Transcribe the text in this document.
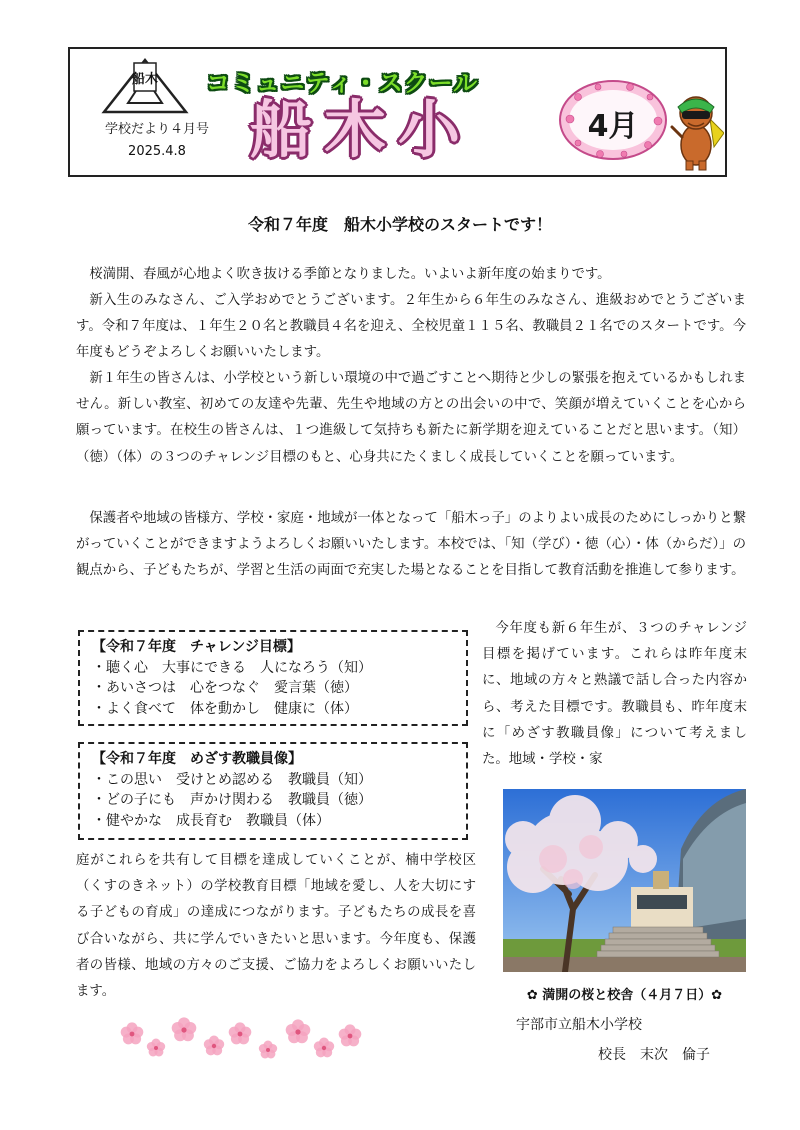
船木
学校だより４月号
2025.4.8
コミュニティ・スクール
船木小	4月
令和７年度　船木小学校のスタートです！

桜満開、春風が心地よく吹き抜ける季節となりました。いよいよ新年度の始まりです。

新入生のみなさん、ご入学おめでとうございます。２年生から６年生のみなさん、進級おめでとうございます。令和７年度は、１年生２０名と教職員４名を迎え、全校児童１１５名、教職員２１名でのスタートです。今年度もどうぞよろしくお願いいたします。

新１年生の皆さんは、小学校という新しい環境の中で過ごすことへ期待と少しの緊張を抱えているかもしれません。新しい教室、初めての友達や先輩、先生や地域の方との出会いの中で、笑顔が増えていくことを心から願っています。在校生の皆さんは、１つ進級して気持ちも新たに新学期を迎えていることだと思います。（知）（徳）（体）の３つのチャレンジ目標のもと、心身共にたくましく成長していくことを願っています。

保護者や地域の皆様方、学校・家庭・地域が一体となって「船木っ子」のよりよい成長のためにしっかりと繋がっていくことができますようよろしくお願いいたします。本校では、「知（学び）・徳（心）・体（からだ）」の観点から、子どもたちが、学習と生活の両面で充実した場となることを目指して教育活動を推進して参ります。

【令和７年度　チャレンジ目標】
・聴く心　大事にできる　人になろう（知）
・あいさつは　心をつなぐ　愛言葉（徳）
・よく食べて　体を動かし　健康に（体）
【令和７年度　めざす教職員像】
・この思い　受けとめ認める　教職員（知）
・どの子にも　声かけ関わる　教職員（徳）
・健やかな　成長育む　教職員（体）

今年度も新６年生が、３つのチャレンジ目標を掲げています。これらは昨年度末に、地域の方々と熟議で話し合った内容から、考えた目標です。教職員も、昨年度末に「めざす教職員像」について考えました。地域・学校・家

庭がこれらを共有して目標を達成していくことが、楠中学校区（くすのきネット）の学校教育目標「地域を愛し、人を大切にする子どもの育成」の達成につながります。子どもたちの成長を喜び合いながら、共に学んでいきたいと思います。今年度も、保護者の皆様、地域の方々のご支援、ご協力をよろしくお願いいたします。	✿ 満開の桜と校舎（４月７日）✿
宇部市立船木小学校
校長　末次　倫子
